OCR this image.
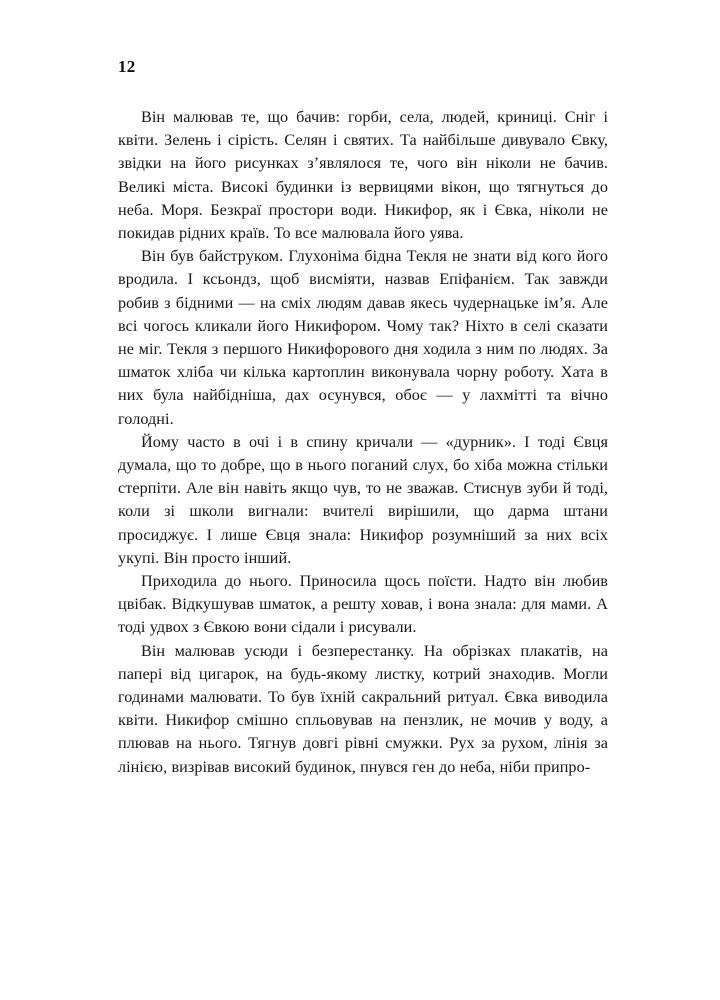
12

Він малював те, що бачив: горби, села, людей, криниці. Сніг і квіти. Зелень і сірість. Селян і святих. Та найбільше дивувало Євку, звідки на його рисунках з’являлося те, чого він ніколи не бачив. Великі міста. Високі будинки із вервицями вікон, що тягнуться до неба. Моря. Безкраї простори води. Никифор, як і Євка, ніколи не покидав рідних країв. То все малювала його уява.

Він був байструком. Глухоніма бідна Текля не знати від кого його вродила. І ксьондз, щоб висміяти, назвав Епіфанієм. Так завжди робив з бідними — на сміх людям давав якесь чудернацьке ім’я. Але всі чогось кликали його Никифором. Чому так? Ніхто в селі сказати не міг. Текля з першого Никифорового дня ходила з ним по людях. За шматок хліба чи кілька картоплин виконувала чорну роботу. Хата в них була найбідніша, дах осунувся, обоє — у лахмітті та вічно голодні.

Йому часто в очі і в спину кричали — «дурник». І тоді Євця думала, що то добре, що в нього поганий слух, бо хіба можна стільки стерпіти. Але він навіть якщо чув, то не зважав. Стиснув зуби й тоді, коли зі школи вигнали: вчителі вирішили, що дарма штани просиджує. І лише Євця знала: Никифор розумніший за них всіх укупі. Він просто інший.

Приходила до нього. Приносила щось поїсти. Надто він любив цвібак. Відкушував шматок, а решту ховав, і вона знала: для мами. А тоді удвох з Євкою вони сідали і рисували.

Він малював усюди і безперестанку. На обрізках плакатів, на папері від цигарок, на будь-якому листку, котрий знаходив. Могли годинами малювати. То був їхній сакральний ритуал. Євка виводила квіти. Никифор смішно спльовував на пензлик, не мочив у воду, а плював на нього. Тягнув довгі рівні смужки. Рух за рухом, лінія за лінією, визрівав високий будинок, пнувся ген до неба, ніби припро-
